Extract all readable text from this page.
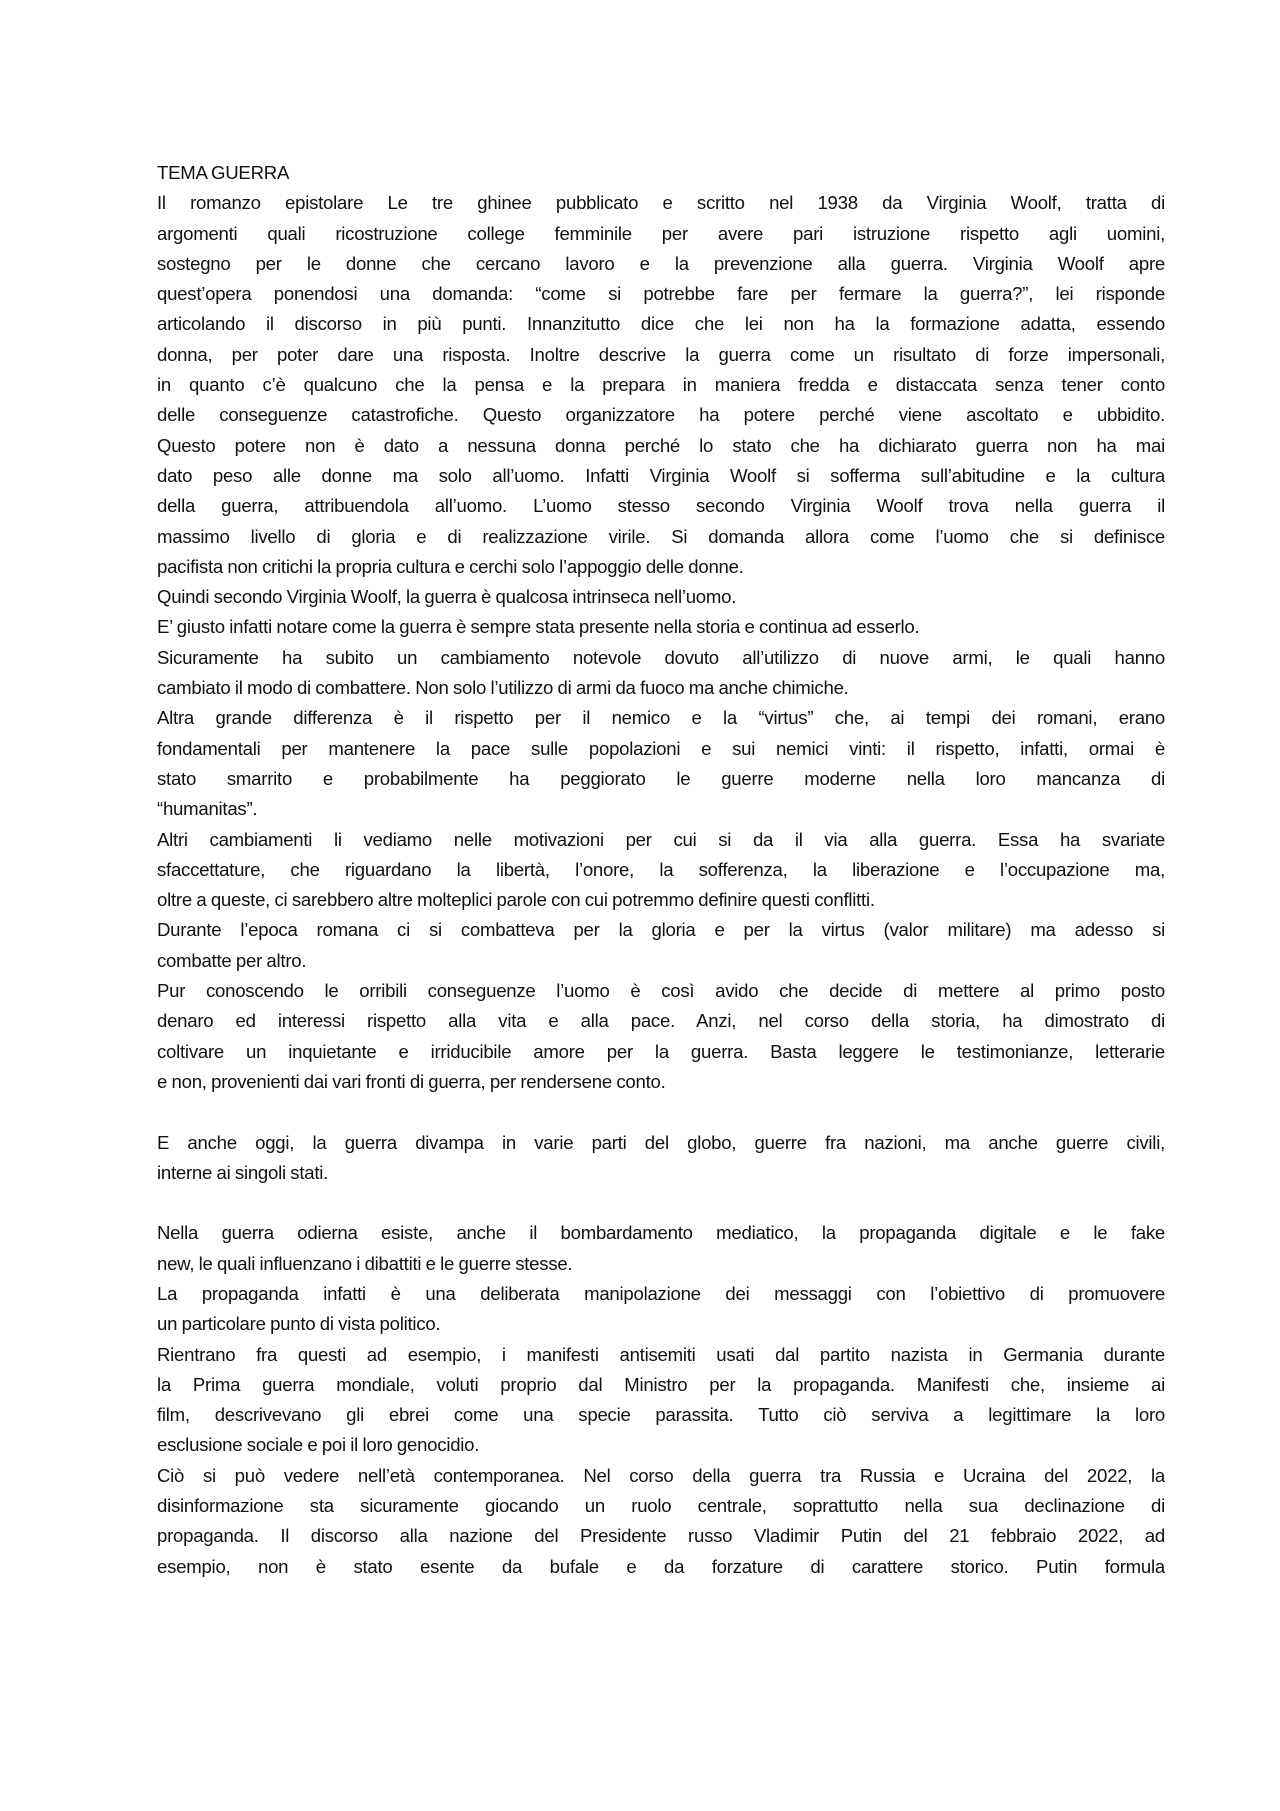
TEMA GUERRA
Il romanzo epistolare Le tre ghinee pubblicato e scritto nel 1938 da Virginia Woolf, tratta di
argomenti quali ricostruzione college femminile per avere pari istruzione rispetto agli uomini,
sostegno per le donne che cercano lavoro e la prevenzione alla guerra. Virginia Woolf apre
quest’opera ponendosi una domanda: “come si potrebbe fare per fermare la guerra?”, lei risponde
articolando il discorso in più punti. Innanzitutto dice che lei non ha la formazione adatta, essendo
donna, per poter dare una risposta. Inoltre descrive la guerra come un risultato di forze impersonali,
in quanto c’è qualcuno che la pensa e la prepara in maniera fredda e distaccata senza tener conto
delle conseguenze catastrofiche. Questo organizzatore ha potere perché viene ascoltato e ubbidito.
Questo potere non è dato a nessuna donna perché lo stato che ha dichiarato guerra non ha mai
dato peso alle donne ma solo all’uomo. Infatti Virginia Woolf si sofferma sull’abitudine e la cultura
della guerra, attribuendola all’uomo. L’uomo stesso secondo Virginia Woolf trova nella guerra il
massimo livello di gloria e di realizzazione virile. Si domanda allora come l’uomo che si definisce
pacifista non critichi la propria cultura e cerchi solo l’appoggio delle donne.
Quindi secondo Virginia Woolf, la guerra è qualcosa intrinseca nell’uomo.
E’ giusto infatti notare come la guerra è sempre stata presente nella storia e continua ad esserlo.
Sicuramente ha subito un cambiamento notevole dovuto all’utilizzo di nuove armi, le quali hanno
cambiato il modo di combattere. Non solo l’utilizzo di armi da fuoco ma anche chimiche.
Altra grande differenza è il rispetto per il nemico e la “virtus” che, ai tempi dei romani, erano
fondamentali per mantenere la pace sulle popolazioni e sui nemici vinti: il rispetto, infatti, ormai è
stato smarrito e probabilmente ha peggiorato le guerre moderne nella loro mancanza di
“humanitas”.
Altri cambiamenti li vediamo nelle motivazioni per cui si da il via alla guerra. Essa ha svariate
sfaccettature, che riguardano la libertà, l’onore, la sofferenza, la liberazione e l’occupazione ma,
oltre a queste, ci sarebbero altre molteplici parole con cui potremmo definire questi conflitti.
Durante l’epoca romana ci si combatteva per la gloria e per la virtus (valor militare) ma adesso si
combatte per altro.
Pur conoscendo le orribili conseguenze l’uomo è così avido che decide di mettere al primo posto
denaro ed interessi rispetto alla vita e alla pace. Anzi, nel corso della storia, ha dimostrato di
coltivare un inquietante e irriducibile amore per la guerra. Basta leggere le testimonianze, letterarie
e non, provenienti dai vari fronti di guerra, per rendersene conto.
E anche oggi, la guerra divampa in varie parti del globo, guerre fra nazioni, ma anche guerre civili,
interne ai singoli stati.
Nella guerra odierna esiste, anche il bombardamento mediatico, la propaganda digitale e le fake
new, le quali influenzano i dibattiti e le guerre stesse.
La propaganda infatti è una deliberata manipolazione dei messaggi con l’obiettivo di promuovere
un particolare punto di vista politico.
Rientrano fra questi ad esempio, i manifesti antisemiti usati dal partito nazista in Germania durante
la Prima guerra mondiale, voluti proprio dal Ministro per la propaganda. Manifesti che, insieme ai
film, descrivevano gli ebrei come una specie parassita. Tutto ciò serviva a legittimare la loro
esclusione sociale e poi il loro genocidio.
Ciò si può vedere nell’età contemporanea. Nel corso della guerra tra Russia e Ucraina del 2022, la
disinformazione sta sicuramente giocando un ruolo centrale, soprattutto nella sua declinazione di
propaganda. Il discorso alla nazione del Presidente russo Vladimir Putin del 21 febbraio 2022, ad
esempio, non è stato esente da bufale e da forzature di carattere storico. Putin formula
